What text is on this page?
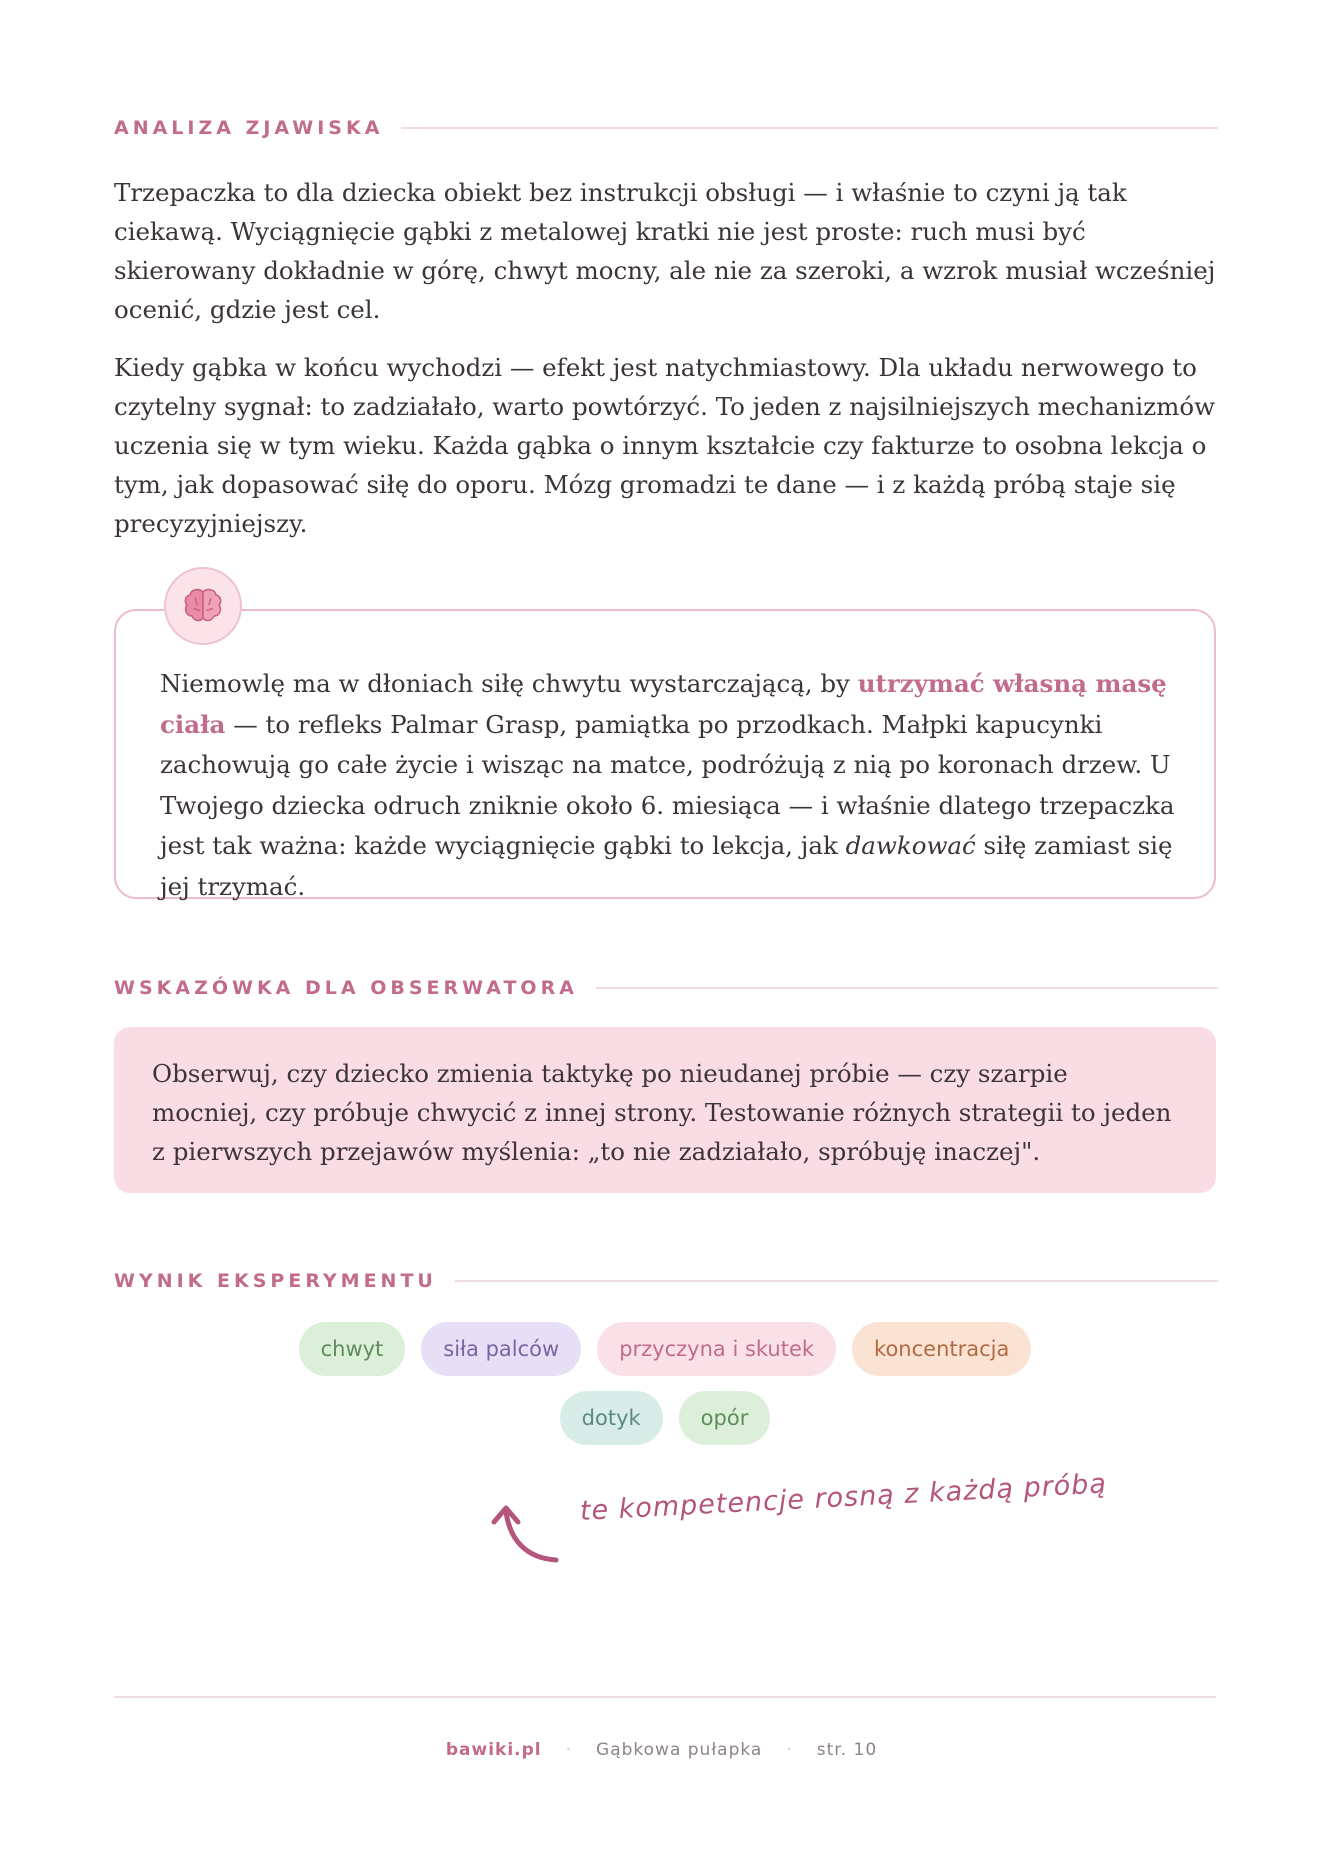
ANALIZA ZJAWISKA

Trzepaczka to dla dziecka obiekt bez instrukcji obsługi — i właśnie to czyni ją tak ciekawą. Wyciągnięcie gąbki z metalowej kratki nie jest proste: ruch musi być skierowany dokładnie w górę, chwyt mocny, ale nie za szeroki, a wzrok musiał wcześniej ocenić, gdzie jest cel.

Kiedy gąbka w końcu wychodzi — efekt jest natychmiastowy. Dla układu nerwowego to czytelny sygnał: to zadziałało, warto powtórzyć. To jeden z najsilniejszych mechanizmów uczenia się w tym wieku. Każda gąbka o innym kształcie czy fakturze to osobna lekcja o tym, jak dopasować siłę do oporu. Mózg gromadzi te dane — i z każdą próbą staje się precyzyjniejszy.

Niemowlę ma w dłoniach siłę chwytu wystarczającą, by utrzymać własną masę ciała — to refleks Palmar Grasp, pamiątka po przodkach. Małpki kapucynki zachowują go całe życie i wisząc na matce, podróżują z nią po koronach drzew. U Twojego dziecka odruch zniknie około 6. miesiąca — i właśnie dlatego trzepaczka jest tak ważna: każde wyciągnięcie gąbki to lekcja, jak dawkować siłę zamiast się jej trzymać.
WSKAZÓWKA DLA OBSERWATORA
Obserwuj, czy dziecko zmienia taktykę po nieudanej próbie — czy szarpie mocniej, czy próbuje chwycić z innej strony. Testowanie różnych strategii to jeden z pierwszych przejawów myślenia: „to nie zadziałało, spróbuję inaczej".
WYNIK EKSPERYMENTU
chwyt	siła palców	przyczyna i skutek	koncentracja
dotyk	opór
te kompetencje rosną z każdą próbą
bawiki.pl · Gąbkowa pułapka · str. 10
